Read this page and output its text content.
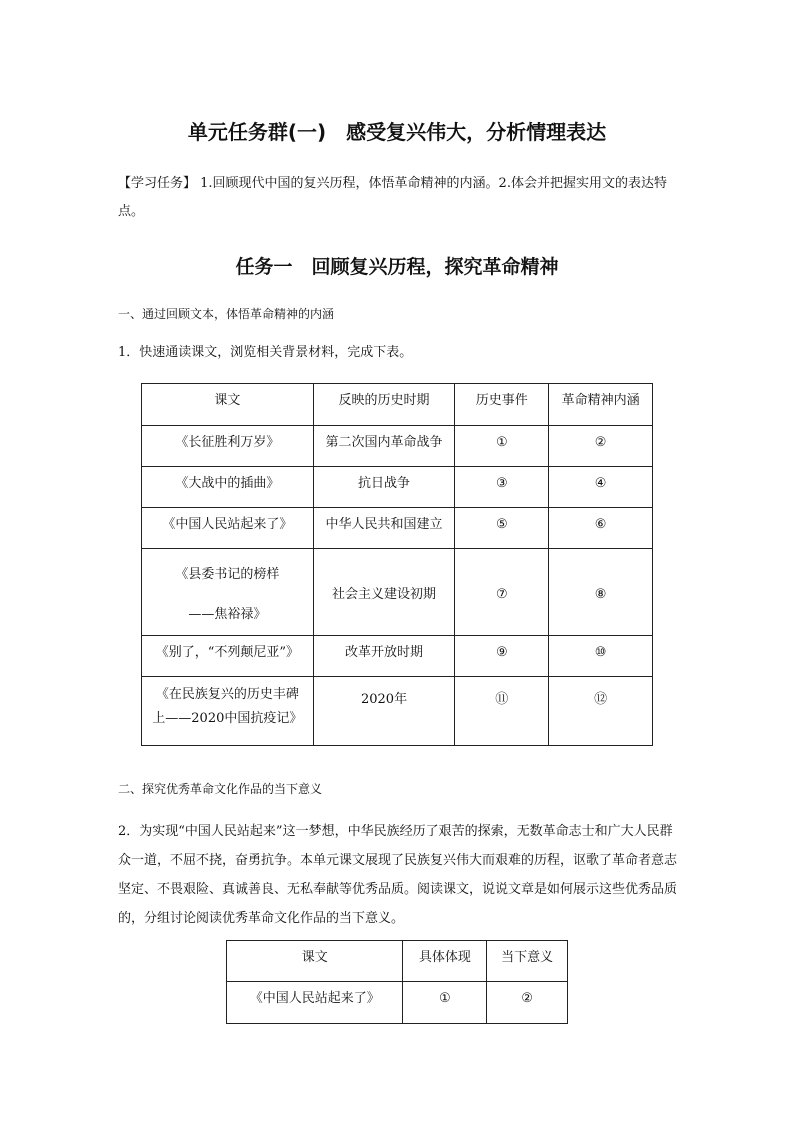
单元任务群(一)　感受复兴伟大，分析情理表达
【学习任务】 1.回顾现代中国的复兴历程，体悟革命精神的内涵。2.体会并把握实用文的表达特点。
任务一　回顾复兴历程，探究革命精神
一、通过回顾文本，体悟革命精神的内涵
1．快速通读课文，浏览相关背景材料，完成下表。
课文	反映的历史时期	历史事件	革命精神内涵
《长征胜利万岁》	第二次国内革命战争	①	②
《大战中的插曲》	抗日战争	③	④
《中国人民站起来了》	中华人民共和国建立	⑤	⑥

《县委书记的榜样
——焦裕禄》	社会主义建设初期	⑦	⑧
《别了，“不列颠尼亚”》	改革开放时期	⑨	⑩

《在民族复兴的历史丰碑
上——2020中国抗疫记》	2020年	⑪	⑫
二、探究优秀革命文化作品的当下意义
2．为实现“中国人民站起来”这一梦想，中华民族经历了艰苦的探索，无数革命志士和广大人民群众一道，不屈不挠，奋勇抗争。本单元课文展现了民族复兴伟大而艰难的历程，讴歌了革命者意志坚定、不畏艰险、真诚善良、无私奉献等优秀品质。阅读课文，说说文章是如何展示这些优秀品质的，分组讨论阅读优秀革命文化作品的当下意义。
课文	具体体现	当下意义
《中国人民站起来了》	①	②
